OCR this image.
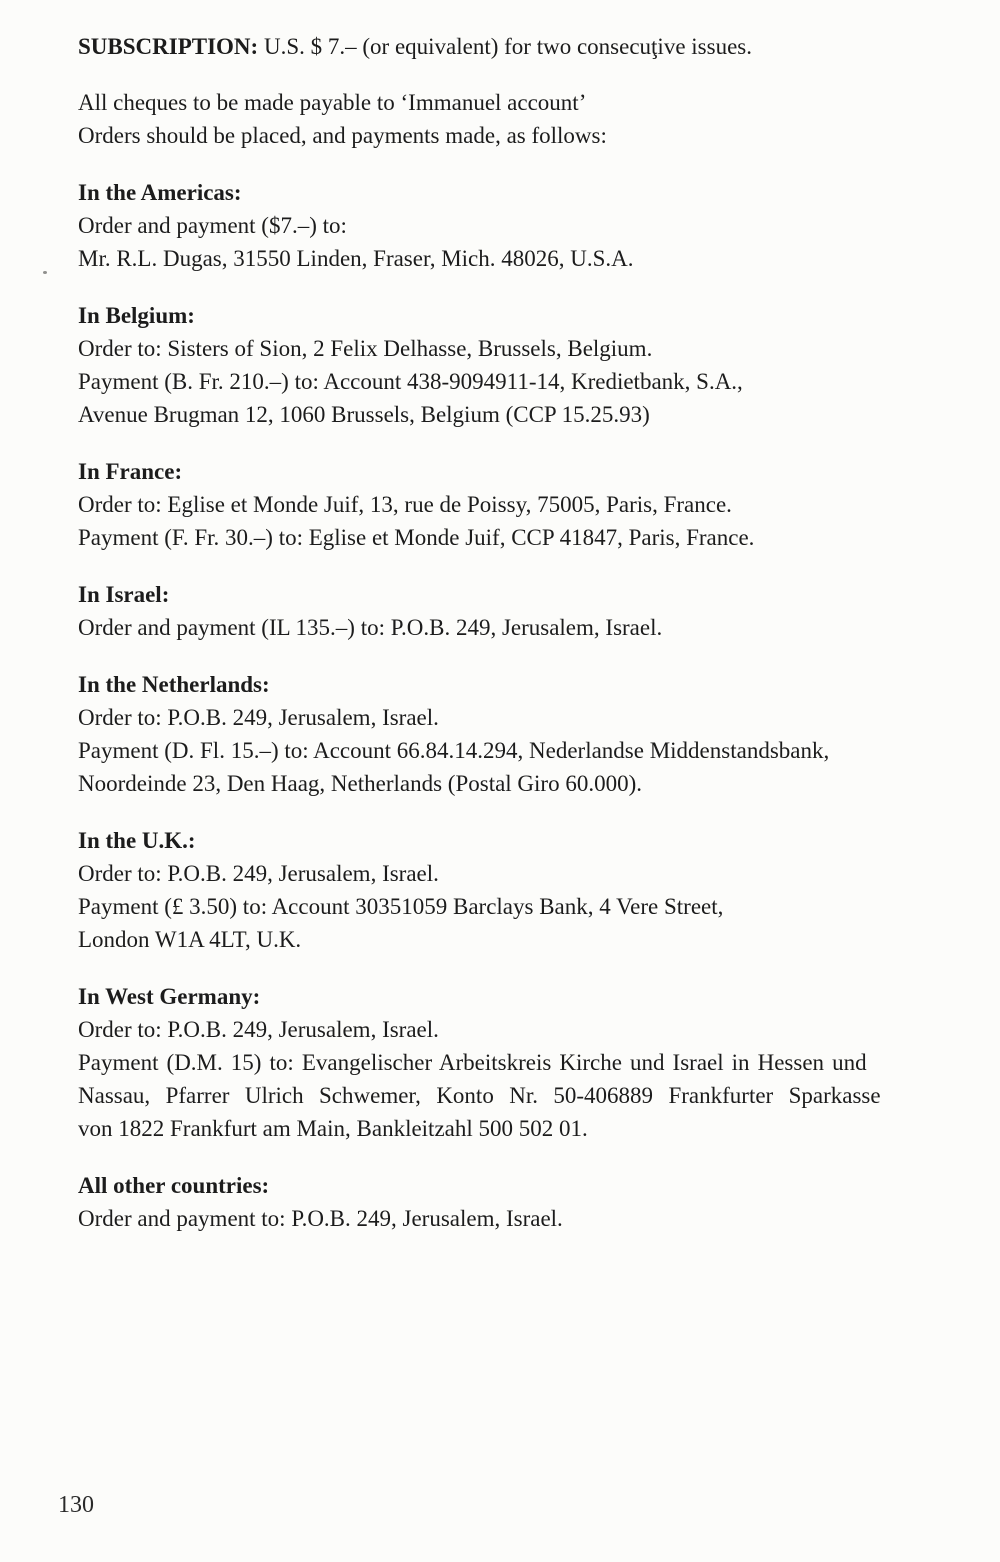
SUBSCRIPTION: U.S. $ 7.– (or equivalent) for two consecuţive issues.

All cheques to be made payable to ‘Immanuel account’
Orders should be placed, and payments made, as follows:
In the Americas:
Order and payment ($7.–) to:
Mr. R.L. Dugas, 31550 Linden, Fraser, Mich. 48026, U.S.A.
In Belgium:
Order to: Sisters of Sion, 2 Felix Delhasse, Brussels, Belgium.
Payment (B. Fr. 210.–) to: Account 438-9094911-14, Kredietbank, S.A.,
Avenue Brugman 12, 1060 Brussels, Belgium (CCP 15.25.93)
In France:
Order to: Eglise et Monde Juif, 13, rue de Poissy, 75005, Paris, France.
Payment (F. Fr. 30.–) to: Eglise et Monde Juif, CCP 41847, Paris, France.
In Israel:
Order and payment (IL 135.–) to: P.O.B. 249, Jerusalem, Israel.
In the Netherlands:
Order to: P.O.B. 249, Jerusalem, Israel.
Payment (D. Fl. 15.–) to: Account 66.84.14.294, Nederlandse Middenstandsbank,
Noordeinde 23, Den Haag, Netherlands (Postal Giro 60.000).
In the U.K.:
Order to: P.O.B. 249, Jerusalem, Israel.
Payment (£ 3.50) to: Account 30351059 Barclays Bank, 4 Vere Street,
London W1A 4LT, U.K.
In West Germany:
Order to: P.O.B. 249, Jerusalem, Israel.
Payment (D.M. 15) to: Evangelischer Arbeitskreis Kirche und Israel in Hessen und
Nassau, Pfarrer Ulrich Schwemer, Konto Nr. 50-406889 Frankfurter Sparkasse
von 1822 Frankfurt am Main, Bankleitzahl 500 502 01.
All other countries:
Order and payment to: P.O.B. 249, Jerusalem, Israel.
130
